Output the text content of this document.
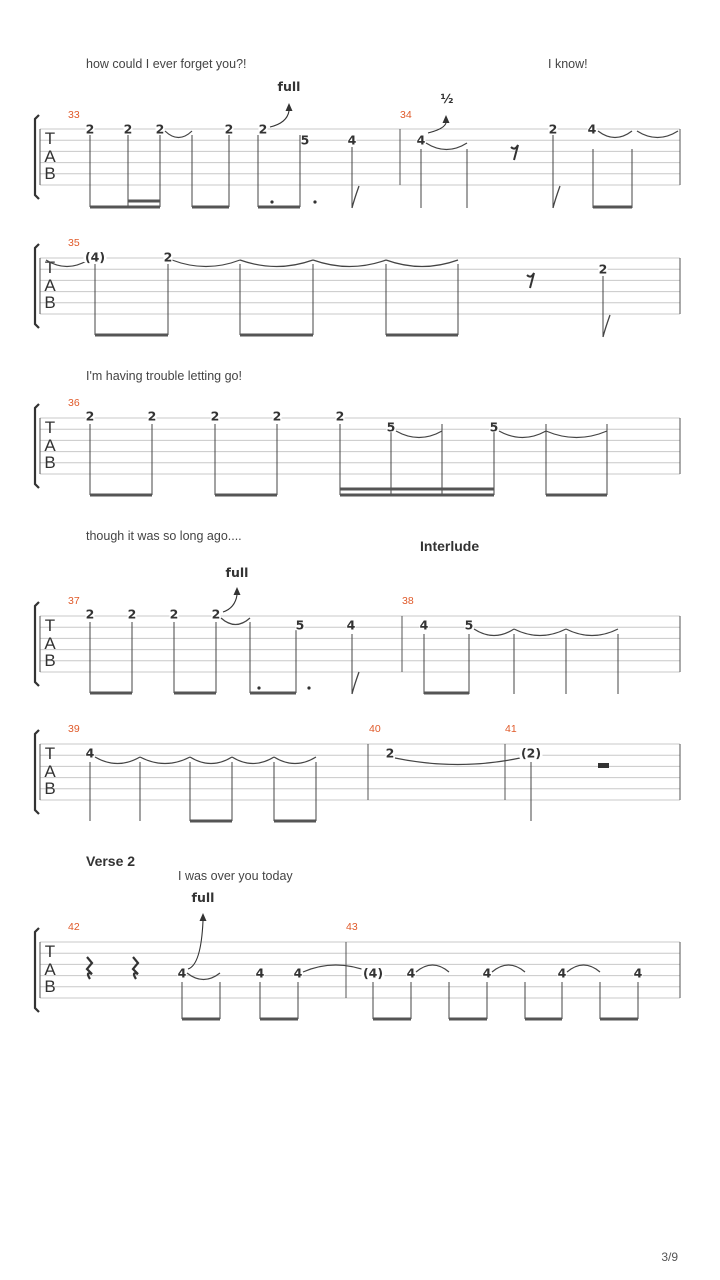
how could I ever forget you?!	I know!
T
A
B
33	34
2 2 2	2 2
5	4
full
4
2 4
½
T
A
B
35
(4)	2
2
I'm having trouble letting go!
T
A
B
36
2	2	2	2	2
5	5
though it was so long ago....
Interlude
T
A
B
37	38
2	2	2	2
5	4
full
4	5
T
A
B
39	40	41
4	2	(2)
Verse 2
I was over you today
T
A
B
42	43
4	4 4
full
(4) 4	4	4	4
3/9
